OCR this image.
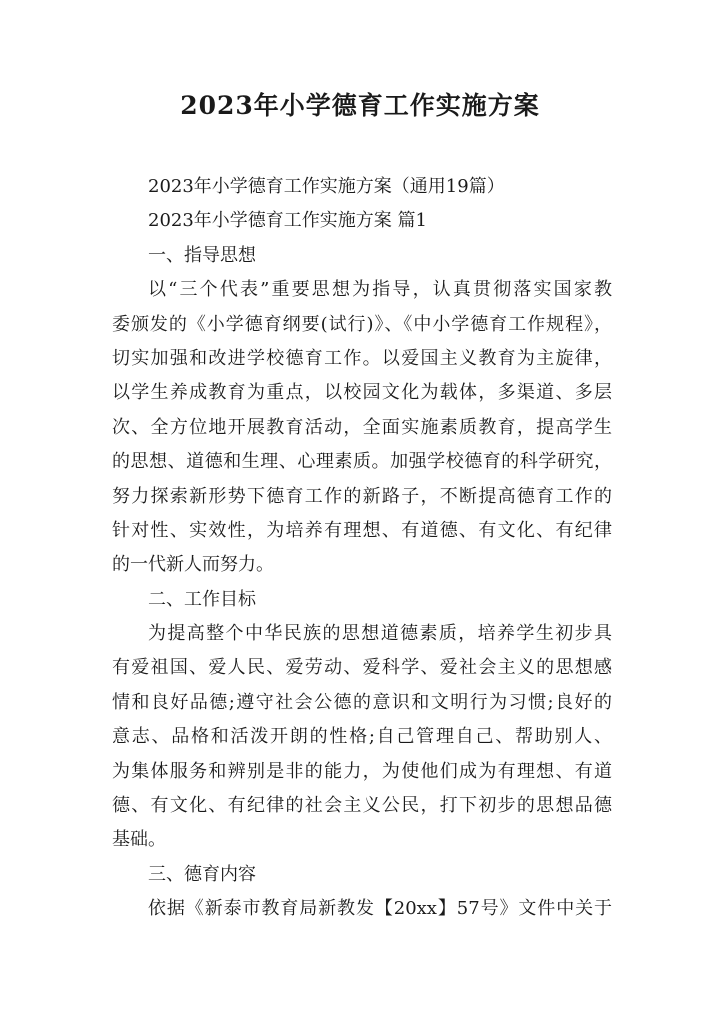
2023年小学德育工作实施方案
2023年小学德育工作实施方案（通用19篇）
2023年小学德育工作实施方案 篇1
一、指导思想
以“三个代表”重要思想为指导，认真贯彻落实国家教
委颁发的《小学德育纲要(试行)》、《中小学德育工作规程》，
切实加强和改进学校德育工作。以爱国主义教育为主旋律，
以学生养成教育为重点，以校园文化为载体，多渠道、多层
次、全方位地开展教育活动，全面实施素质教育，提高学生
的思想、道德和生理、心理素质。加强学校德育的科学研究，
努力探索新形势下德育工作的新路子，不断提高德育工作的
针对性、实效性，为培养有理想、有道德、有文化、有纪律
的一代新人而努力。
二、工作目标
为提高整个中华民族的思想道德素质，培养学生初步具
有爱祖国、爱人民、爱劳动、爱科学、爱社会主义的思想感
情和良好品德;遵守社会公德的意识和文明行为习惯;良好的
意志、品格和活泼开朗的性格;自己管理自己、帮助别人、
为集体服务和辨别是非的能力，为使他们成为有理想、有道
德、有文化、有纪律的社会主义公民，打下初步的思想品德
基础。
三、德育内容
依据《新泰市教育局新教发【20xx】57号》文件中关于
